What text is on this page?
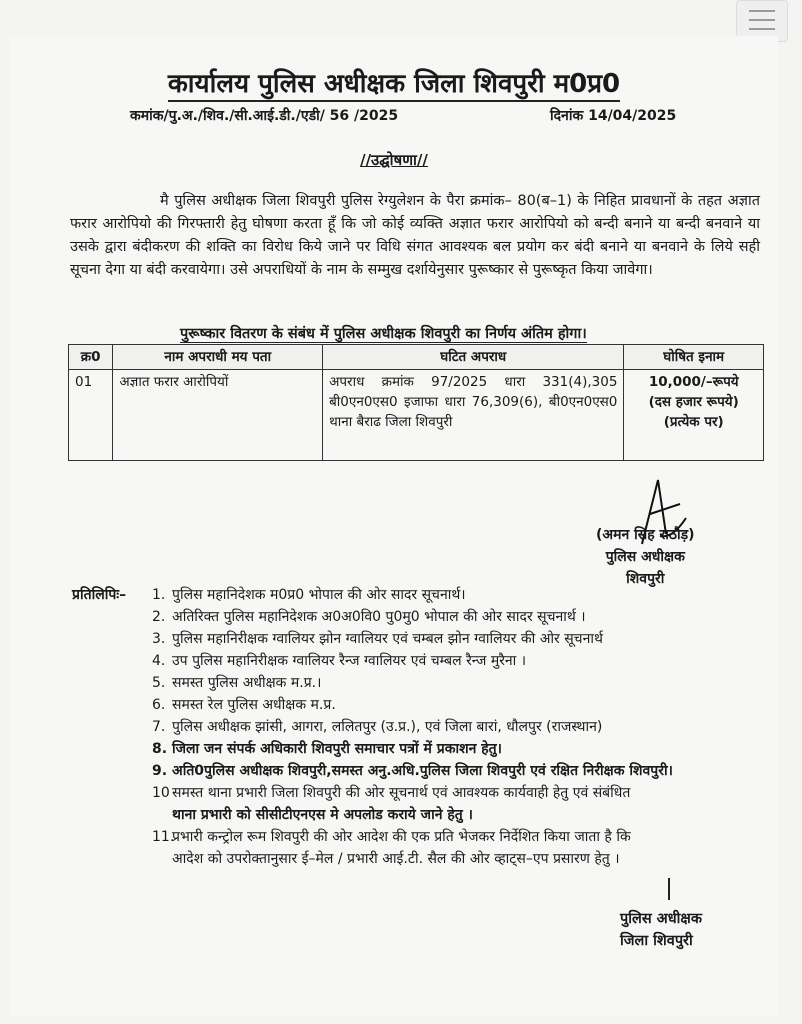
कार्यालय पुलिस अधीक्षक जिला शिवपुरी म0प्र0
कमांक/पु.अ./शिव./सी.आई.डी./एडी/ 56 /2025	दिनांक 14/04/2025
//उद्घोषणा//
मै पुलिस अधीक्षक जिला शिवपुरी पुलिस रेग्युलेशन के पैरा क्रमांक– 80(ब–1) के निहित प्रावधानों के तहत अज्ञात फरार आरोपियो की गिरफ्तारी हेतु घोषणा करता हूँ कि जो कोई व्यक्ति अज्ञात फरार आरोपियो को बन्दी बनाने या बन्दी बनवाने या उसके द्वारा बंदीकरण की शक्ति का विरोध किये जाने पर विधि संगत आवश्यक बल प्रयोग कर बंदी बनाने या बनवाने के लिये सही सूचना देगा या बंदी करवायेगा। उसे अपराधियों के नाम के सम्मुख दर्शायेनुसार पुरूष्कार से पुरूष्कृत किया जावेगा।
पुरूष्कार वितरण के संबंध में पुलिस अधीक्षक शिवपुरी का निर्णय अंतिम होगा।
क्र0	नाम अपराधी मय पता	घटित अपराध	घोषित इनाम
01	अज्ञात फरार आरोपियों	अपराध क्रमांक 97/2025 धारा 331(4),305 बी0एन0एस0 इजाफा धारा 76,309(6), बी0एन0एस0 थाना बैराढ जिला शिवपुरी	10,000/–रूपये
(दस हजार रूपये)
(प्रत्येक पर)
(अमन सिंह राठौड़)
पुलिस अधीक्षक
शिवपुरी
प्रतिलिपिः– 1. पुलिस महानिदेशक म0प्र0 भोपाल की ओर सादर सूचनार्थ।
2. अतिरिक्त पुलिस महानिदेशक अ0अ0वि0 पु0मु0 भोपाल की ओर सादर सूचनार्थ ।
3. पुलिस महानिरीक्षक ग्वालियर झोन ग्वालियर एवं चम्बल झोन ग्वालियर की ओर सूचनार्थ
4. उप पुलिस महानिरीक्षक ग्वालियर रैन्ज ग्वालियर एवं चम्बल रैन्ज मुरैना ।
5. समस्त पुलिस अधीक्षक म.प्र.।
6. समस्त रेल पुलिस अधीक्षक म.प्र.
7. पुलिस अधीक्षक झांसी, आगरा, ललितपुर (उ.प्र.), एवं जिला बारां, धौलपुर (राजस्थान)
8. जिला जन संपर्क अधिकारी शिवपुरी समाचार पत्रों में प्रकाशन हेतु।
9. अति0पुलिस अधीक्षक शिवपुरी,समस्त अनु.अधि.पुलिस जिला शिवपुरी एवं रक्षित निरीक्षक शिवपुरी।
10 समस्त थाना प्रभारी जिला शिवपुरी की ओर सूचनार्थ एवं आवश्यक कार्यवाही हेतु एवं संबंधित
थाना प्रभारी को सीसीटीएनएस मे अपलोड कराये जाने हेतु ।
11.
प्रभारी कन्ट्रोल रूम शिवपुरी की ओर आदेश की एक प्रति भेजकर निर्देशित किया जाता है कि
आदेश को उपरोक्तानुसार ई–मेल / प्रभारी आई.टी. सैल की ओर व्हाट्स–एप प्रसारण हेतु ।
पुलिस अधीक्षक
जिला शिवपुरी
